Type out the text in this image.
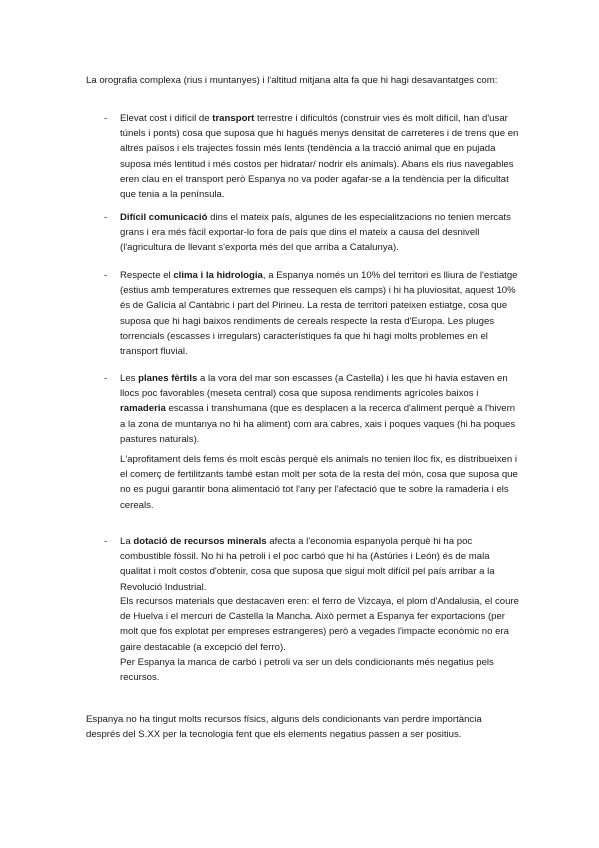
La orografia complexa (rius i muntanyes) i l'altitud mitjana alta fa que hi hagi desavantatges com:

- Elevat cost i difícil de transport terrestre i dificultós (construir vies és molt difícil, han d'usar túnels i ponts) cosa que suposa que hi hagués menys densitat de carreteres i de trens que en altres països i els trajectes fossin més lents (tendència a la tracció animal que en pujada suposa més lentitud i més costos per hidratar/ nodrir els animals). Abans els rius navegables eren clau en el transport però Espanya no va poder agafar-se a la tendència per la dificultat que tenia a la península.

- Difícil comunicació dins el mateix país, algunes de les especialitzacions no tenien mercats grans i era més fàcil exportar-lo fora de país que dins el mateix a causa del desnivell (l'agricultura de llevant s'exporta més del que arriba a Catalunya).

- Respecte el clima i la hidrologia, a Espanya només un 10% del territori es lliura de l'estiatge (estius amb temperatures extremes que ressequen els camps) i hi ha pluviositat, aquest 10% és de Galícia al Cantàbric i part del Pirineu. La resta de territori pateixen estiatge, cosa que suposa que hi hagi baixos rendiments de cereals respecte la resta d'Europa. Les pluges torrencials (escasses i irregulars) característiques fa que hi hagi molts problemes en el transport fluvial.

- Les planes fèrtils a la vora del mar son escasses (a Castella) i les que hi havia estaven en llocs poc favorables (meseta central) cosa que suposa rendiments agrícoles baixos i ramaderia escassa i transhumana (que es desplacen a la recerca d'aliment perquè a l'hivern a la zona de muntanya no hi ha aliment) com ara cabres, xais i poques vaques (hi ha poques pastures naturals).

L'aprofitament dels fems és molt escàs perquè els animals no tenien lloc fix, es distribueixen i el comerç de fertilitzants també estan molt per sota de la resta del món, cosa que suposa que no es pugui garantir bona alimentació tot l'any per l'afectació que te sobre la ramaderia i els cereals.

- La dotació de recursos minerals afecta a l'economia espanyola perquè hi ha poc combustible fòssil. No hi ha petroli i el poc carbó que hi ha (Astúries i León) és de mala qualitat i molt costos d'obtenir, cosa que suposa que sigui molt difícil pel país arribar a la Revolució Industrial.

Els recursos materials que destacaven eren: el ferro de Vizcaya, el plom d'Andalusia, el coure de Huelva i el mercuri de Castella la Mancha. Això permet a Espanya fer exportacions (per molt que fos explotat per empreses estrangeres) però a vegades l'impacte econòmic no era gaire destacable (a excepció del ferro).

Per Espanya la manca de carbó i petroli va ser un dels condicionants més negatius pels recursos.

Espanya no ha tingut molts recursos físics, alguns dels condicionants van perdre importància després del S.XX per la tecnologia fent que els elements negatius passen a ser positius.
